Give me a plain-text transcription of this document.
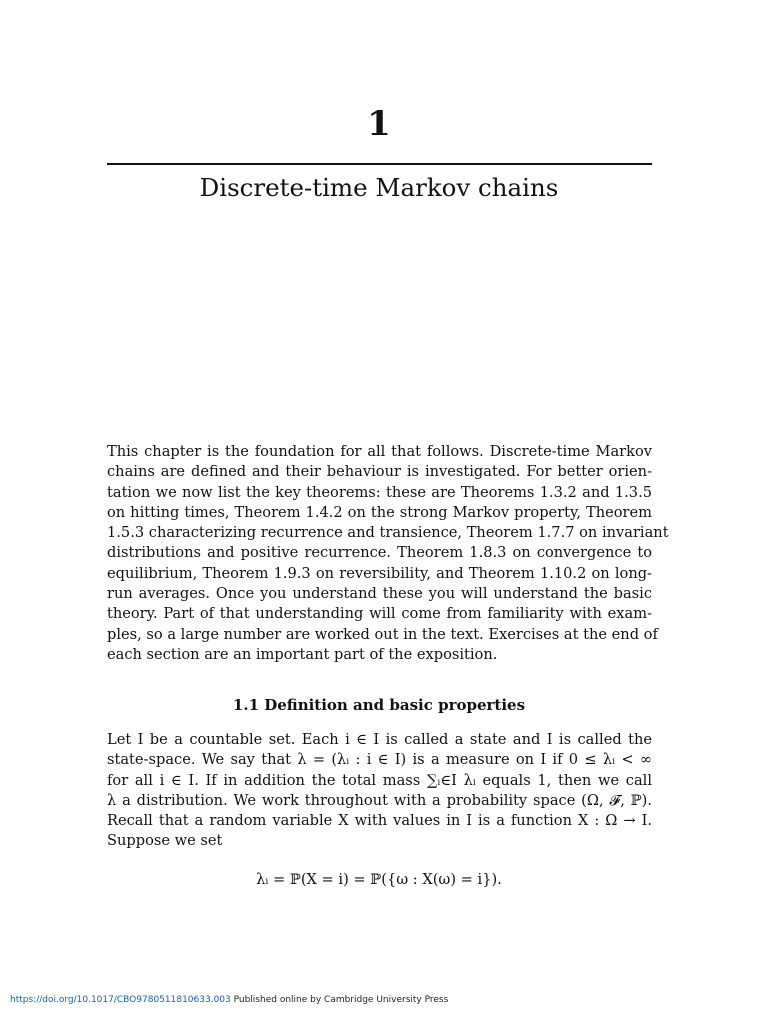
1
Discrete-time Markov chains
This chapter is the foundation for all that follows. Discrete-time Markov
chains are defined and their behaviour is investigated. For better orien-
tation we now list the key theorems: these are Theorems 1.3.2 and 1.3.5
on hitting times, Theorem 1.4.2 on the strong Markov property, Theorem
1.5.3 characterizing recurrence and transience, Theorem 1.7.7 on invariant
distributions and positive recurrence. Theorem 1.8.3 on convergence to
equilibrium, Theorem 1.9.3 on reversibility, and Theorem 1.10.2 on long-
run averages. Once you understand these you will understand the basic
theory. Part of that understanding will come from familiarity with exam-
ples, so a large number are worked out in the text. Exercises at the end of
each section are an important part of the exposition.
1.1 Definition and basic properties
Let I be a countable set. Each i ∈ I is called a state and I is called the
state-space. We say that λ = (λᵢ : i ∈ I) is a measure on I if 0 ≤ λᵢ < ∞
for all i ∈ I. If in addition the total mass ∑ᵢ∈I λᵢ equals 1, then we call
λ a distribution. We work throughout with a probability space (Ω, 𝓕, ℙ).
Recall that a random variable X with values in I is a function X : Ω → I.
Suppose we set
λᵢ = ℙ(X = i) = ℙ({ω : X(ω) = i}).
https://doi.org/10.1017/CBO9780511810633.003 Published online by Cambridge University Press
